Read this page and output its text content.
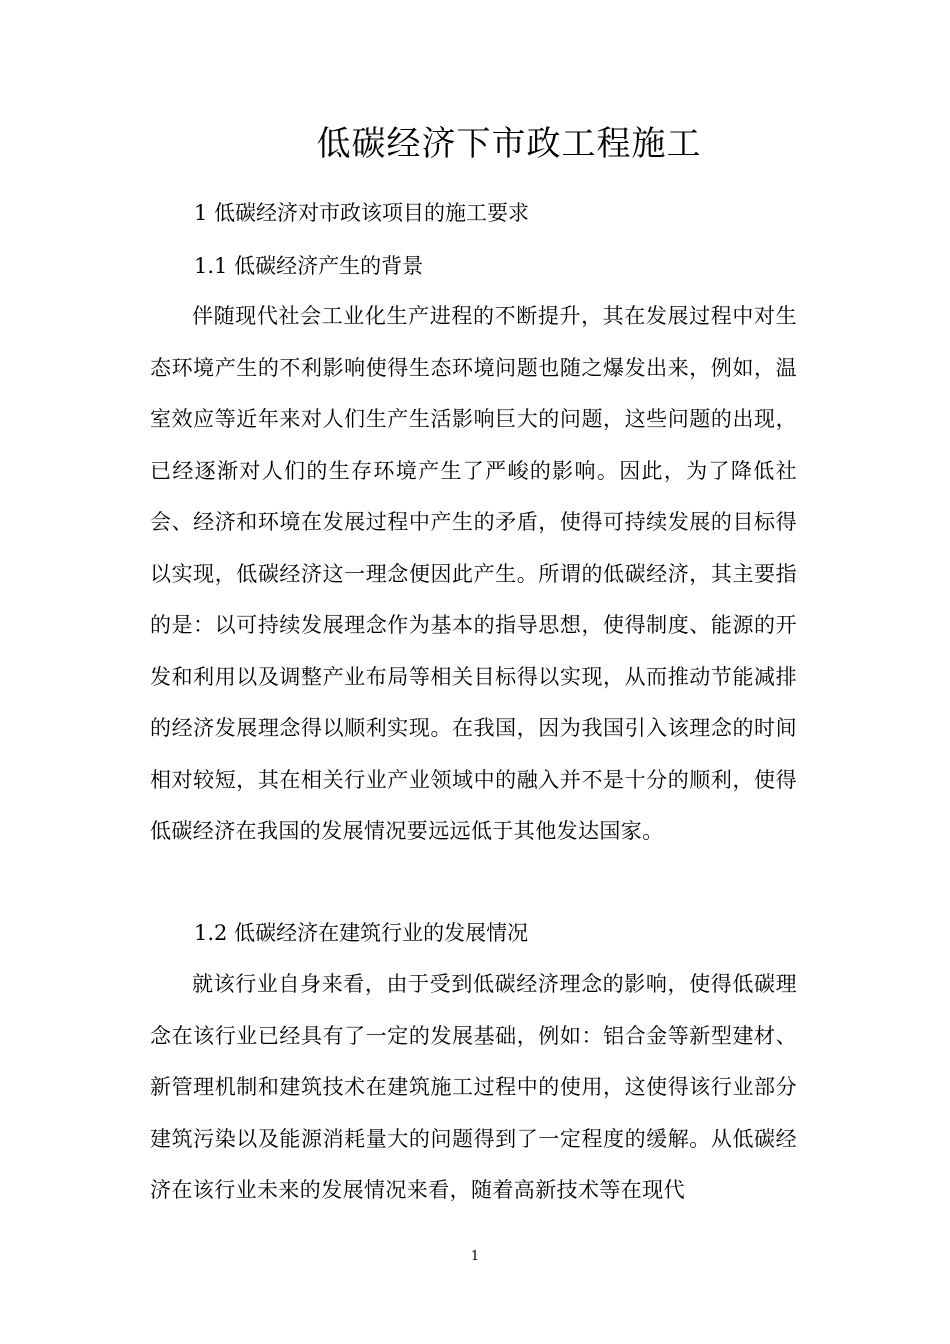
低碳经济下市政工程施工
1 低碳经济对市政该项目的施工要求
1.1 低碳经济产生的背景

伴随现代社会工业化生产进程的不断提升，其在发展过程中对生态环境产生的不利影响使得生态环境问题也随之爆发出来，例如，温室效应等近年来对人们生产生活影响巨大的问题，这些问题的出现，已经逐渐对人们的生存环境产生了严峻的影响。因此，为了降低社会、经济和环境在发展过程中产生的矛盾，使得可持续发展的目标得以实现，低碳经济这一理念便因此产生。所谓的低碳经济，其主要指的是：以可持续发展理念作为基本的指导思想，使得制度、能源的开发和利用以及调整产业布局等相关目标得以实现，从而推动节能减排的经济发展理念得以顺利实现。在我国，因为我国引入该理念的时间相对较短，其在相关行业产业领域中的融入并不是十分的顺利，使得低碳经济在我国的发展情况要远远低于其他发达国家。

1.2 低碳经济在建筑行业的发展情况

就该行业自身来看，由于受到低碳经济理念的影响，使得低碳理念在该行业已经具有了一定的发展基础，例如：铝合金等新型建材、新管理机制和建筑技术在建筑施工过程中的使用，这使得该行业部分建筑污染以及能源消耗量大的问题得到了一定程度的缓解。从低碳经济在该行业未来的发展情况来看，随着高新技术等在现代

1
